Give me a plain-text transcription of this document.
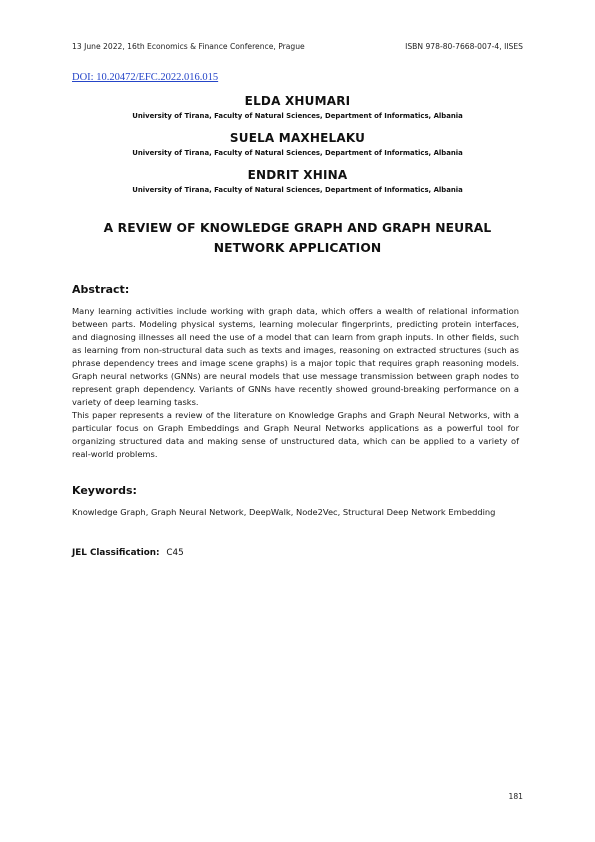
13 June 2022, 16th Economics & Finance Conference, Prague	ISBN 978-80-7668-007-4, IISES
DOI: 10.20472/EFC.2022.016.015
ELDA XHUMARI
University of Tirana, Faculty of Natural Sciences, Department of Informatics, Albania
SUELA MAXHELAKU
University of Tirana, Faculty of Natural Sciences, Department of Informatics, Albania
ENDRIT XHINA
University of Tirana, Faculty of Natural Sciences, Department of Informatics, Albania
A REVIEW OF KNOWLEDGE GRAPH AND GRAPH NEURAL
NETWORK APPLICATION
Abstract:

Many learning activities include working with graph data, which offers a wealth of relational information between parts. Modeling physical systems, learning molecular fingerprints, predicting protein interfaces, and diagnosing illnesses all need the use of a model that can learn from graph inputs. In other fields, such as learning from non-structural data such as texts and images, reasoning on extracted structures (such as phrase dependency trees and image scene graphs) is a major topic that requires graph reasoning models. Graph neural networks (GNNs) are neural models that use message transmission between graph nodes to represent graph dependency. Variants of GNNs have recently showed ground-breaking performance on a variety of deep learning tasks.

This paper represents a review of the literature on Knowledge Graphs and Graph Neural Networks, with a particular focus on Graph Embeddings and Graph Neural Networks applications as a powerful tool for organizing structured data and making sense of unstructured data, which can be applied to a variety of real-world problems.

Keywords:

Knowledge Graph, Graph Neural Network, DeepWalk, Node2Vec, Structural Deep Network Embedding

JEL Classification: C45
181
